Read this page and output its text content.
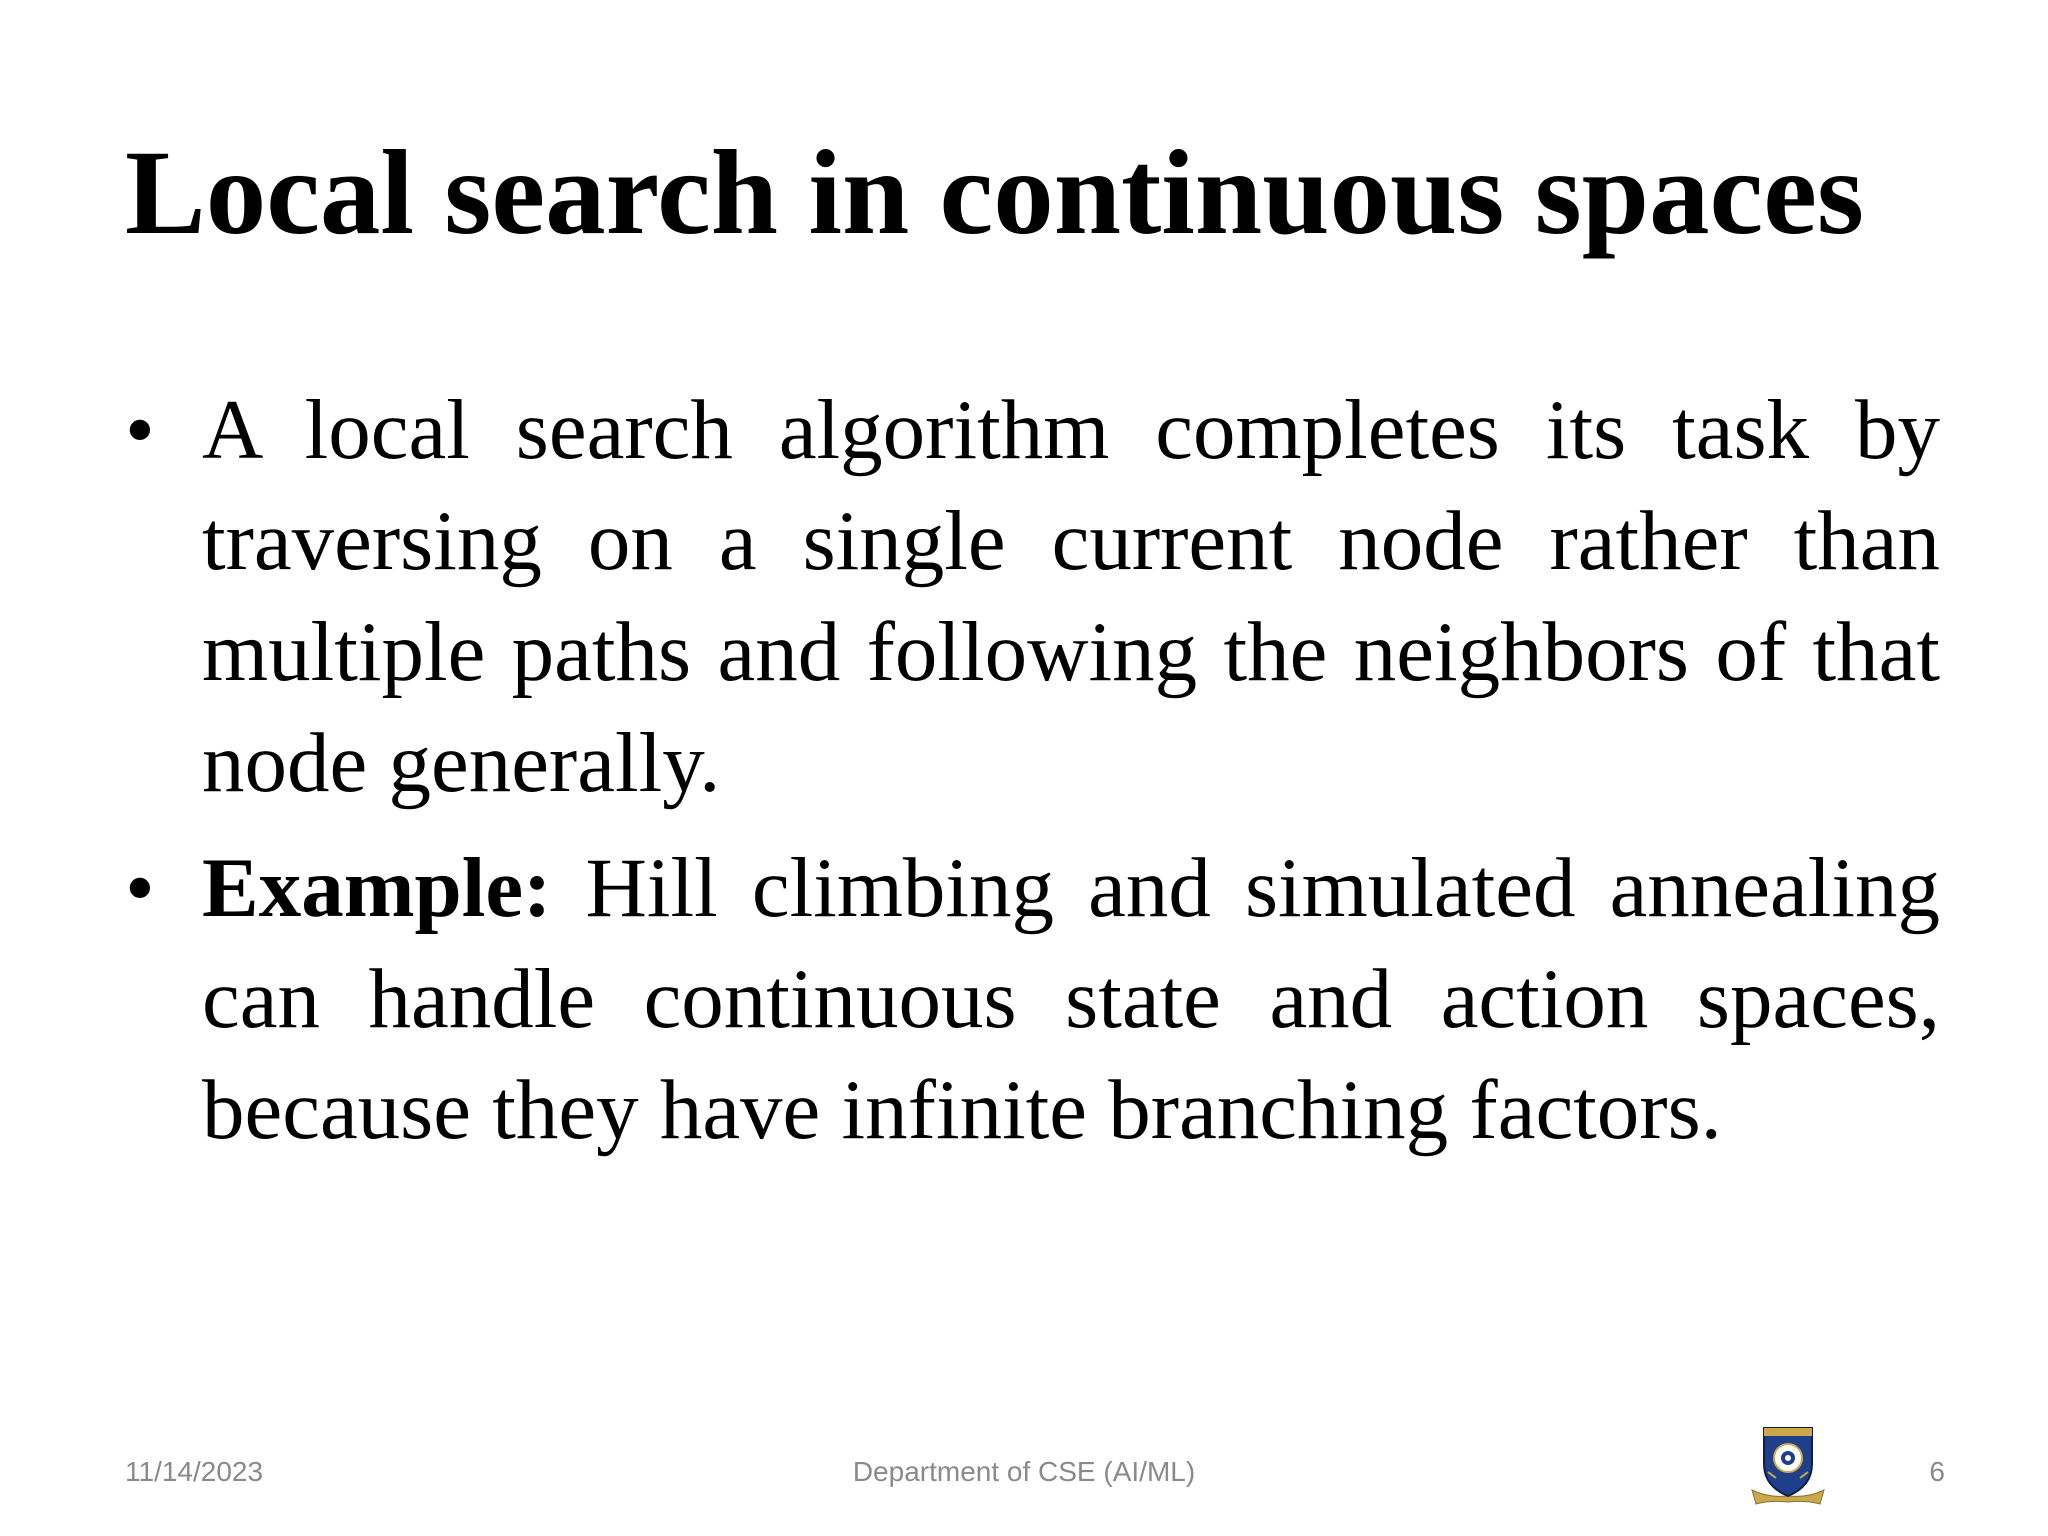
Local search in continuous spaces

• A local search algorithm completes its task by traversing on a single current node rather than multiple paths and following the neighbors of that node generally.

• Example: Hill climbing and simulated annealing can handle continuous state and action spaces, because they have infinite branching factors.

11/14/2023	Department of CSE (AI/ML)	6
